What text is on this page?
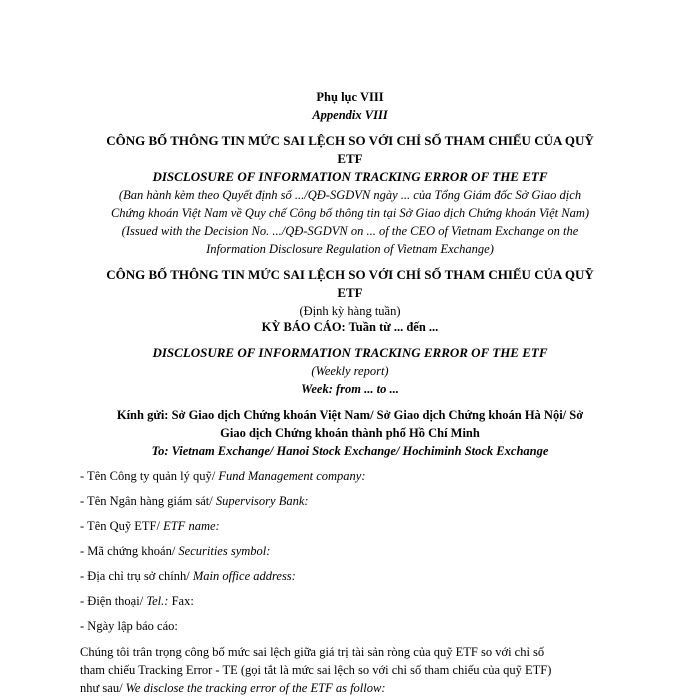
Phụ lục VIII
Appendix VIII
CÔNG BỐ THÔNG TIN MỨC SAI LỆCH SO VỚI CHỈ SỐ THAM CHIẾU CỦA QUỸ
ETF
DISCLOSURE OF INFORMATION TRACKING ERROR OF THE ETF
(Ban hành kèm theo Quyết định số .../QĐ-SGDVN ngày ... của Tổng Giám đốc Sở Giao dịch
Chứng khoán Việt Nam về Quy chế Công bố thông tin tại Sở Giao dịch Chứng khoán Việt Nam)
(Issued with the Decision No. .../QĐ-SGDVN on ... of the CEO of Vietnam Exchange on the
Information Disclosure Regulation of Vietnam Exchange)
CÔNG BỐ THÔNG TIN MỨC SAI LỆCH SO VỚI CHỈ SỐ THAM CHIẾU CỦA QUỸ
ETF
(Định kỳ hàng tuần)
KỲ BÁO CÁO: Tuần từ ... đến ...
DISCLOSURE OF INFORMATION TRACKING ERROR OF THE ETF
(Weekly report)
Week: from ... to ...
Kính gửi: Sở Giao dịch Chứng khoán Việt Nam/ Sở Giao dịch Chứng khoán Hà Nội/ Sở
Giao dịch Chứng khoán thành phố Hồ Chí Minh
To: Vietnam Exchange/ Hanoi Stock Exchange/ Hochiminh Stock Exchange
- Tên Công ty quản lý quỹ/ Fund Management company:
- Tên Ngân hàng giám sát/ Supervisory Bank:
- Tên Quỹ ETF/ ETF name:
- Mã chứng khoán/ Securities symbol:
- Địa chỉ trụ sở chính/ Main office address:
- Điện thoại/ Tel.: Fax:
- Ngày lập báo cáo:
Chúng tôi trân trọng công bố mức sai lệch giữa giá trị tài sản ròng của quỹ ETF so với chỉ số
tham chiếu Tracking Error - TE (gọi tắt là mức sai lệch so với chỉ số tham chiếu của quỹ ETF)
như sau/ We disclose the tracking error of the ETF as follow:
